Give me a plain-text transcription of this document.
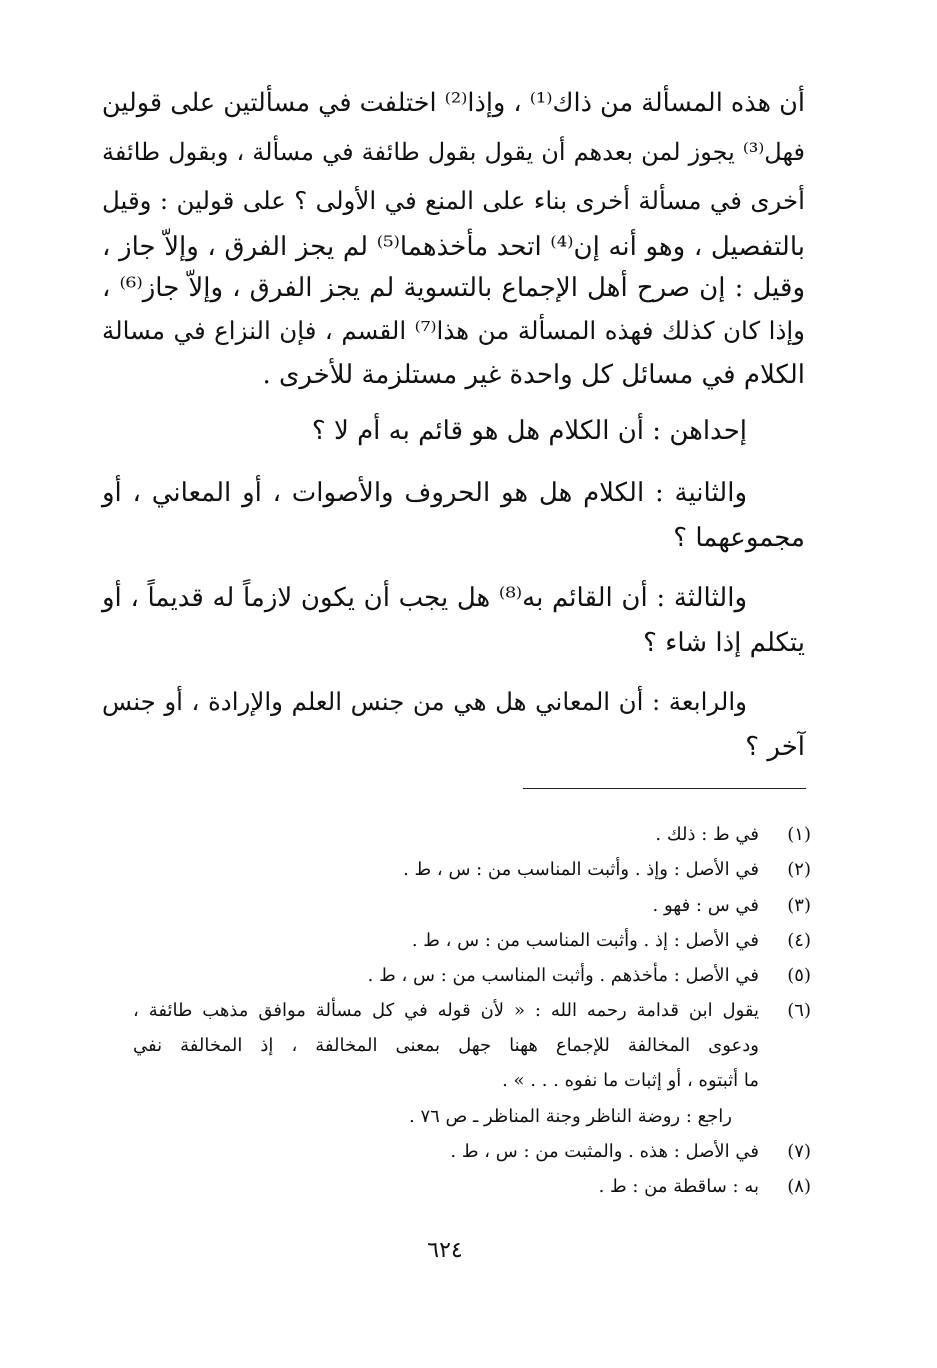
أن هذه المسألة من ذاك⁽¹⁾ ، وإذا⁽²⁾ اختلفت في مسألتين على قولين
فهل⁽³⁾ يجوز لمن بعدهم أن يقول بقول طائفة في مسألة ، وبقول طائفة
أخرى في مسألة أخرى بناء على المنع في الأولى ؟ على قولين : وقيل
بالتفصيل ، وهو أنه إن⁽⁴⁾ اتحد مأخذهما⁽⁵⁾ لم يجز الفرق ، وإلاّ جاز ،
وقيل : إن صرح أهل الإجماع بالتسوية لم يجز الفرق ، وإلاّ جاز⁽⁶⁾ ،
وإذا كان كذلك فهذه المسألة من هذا⁽⁷⁾ القسم ، فإن النزاع في مسالة
الكلام في مسائل كل واحدة غير مستلزمة للأخرى .
إحداهن : أن الكلام هل هو قائم به أم لا ؟
والثانية : الكلام هل هو الحروف والأصوات ، أو المعاني ، أو
مجموعهما ؟
والثالثة : أن القائم به⁽⁸⁾ هل يجب أن يكون لازماً له قديماً ، أو
يتكلم إذا شاء ؟
والرابعة : أن المعاني هل هي من جنس العلم والإرادة ، أو جنس
آخر ؟
(١)
في ط : ذلك .
(٢)
في الأصل : وإذ . وأثبت المناسب من : س ، ط .
(٣)
في س : فهو .
(٤)
في الأصل : إذ . وأثبت المناسب من : س ، ط .
(٥)
في الأصل : مأخذهم . وأثبت المناسب من : س ، ط .
(٦)
يقول ابن قدامة رحمه الله : « لأن قوله في كل مسألة موافق مذهب طائفة ،
ودعوى المخالفة للإجماع ههنا جهل بمعنى المخالفة ، إذ المخالفة نفي
ما أثبتوه ، أو إثبات ما نفوه . . . » .
راجع : روضة الناظر وجنة المناظر ـ ص ٧٦ .
(٧)
في الأصل : هذه . والمثبت من : س ، ط .
(٨)
به : ساقطة من : ط .
٦٢٤
